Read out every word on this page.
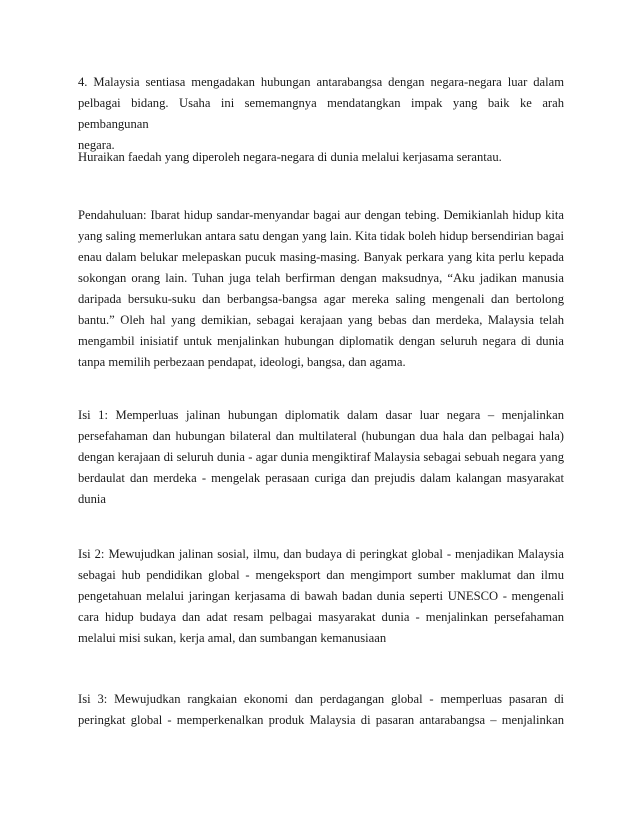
4. Malaysia sentiasa mengadakan hubungan antarabangsa dengan negara-negara luar dalam
pelbagai bidang. Usaha ini sememangnya mendatangkan impak yang baik ke arah pembangunan
negara.

Huraikan faedah yang diperoleh negara-negara di dunia melalui kerjasama serantau.

Pendahuluan: Ibarat hidup sandar-menyandar bagai aur dengan tebing. Demikianlah hidup kita
yang saling memerlukan antara satu dengan yang lain. Kita tidak boleh hidup bersendirian bagai
enau dalam belukar melepaskan pucuk masing-masing. Banyak perkara yang kita perlu kepada
sokongan orang lain. Tuhan juga telah berfirman dengan maksudnya, “Aku jadikan manusia
daripada bersuku-suku dan berbangsa-bangsa agar mereka saling mengenali dan bertolong
bantu.” Oleh hal yang demikian, sebagai kerajaan yang bebas dan merdeka, Malaysia telah
mengambil inisiatif untuk menjalinkan hubungan diplomatik dengan seluruh negara di dunia
tanpa memilih perbezaan pendapat, ideologi, bangsa, dan agama.

Isi 1: Memperluas jalinan hubungan diplomatik dalam dasar luar negara – menjalinkan
persefahaman dan hubungan bilateral dan multilateral (hubungan dua hala dan pelbagai hala)
dengan kerajaan di seluruh dunia - agar dunia mengiktiraf Malaysia sebagai sebuah negara yang
berdaulat dan merdeka - mengelak perasaan curiga dan prejudis dalam kalangan masyarakat
dunia

Isi 2: Mewujudkan jalinan sosial, ilmu, dan budaya di peringkat global - menjadikan Malaysia
sebagai hub pendidikan global - mengeksport dan mengimport sumber maklumat dan ilmu
pengetahuan melalui jaringan kerjasama di bawah badan dunia seperti UNESCO - mengenali
cara hidup budaya dan adat resam pelbagai masyarakat dunia - menjalinkan persefahaman
melalui misi sukan, kerja amal, dan sumbangan kemanusiaan

Isi 3: Mewujudkan rangkaian ekonomi dan perdagangan global - memperluas pasaran di
peringkat global - memperkenalkan produk Malaysia di pasaran antarabangsa – menjalinkan
